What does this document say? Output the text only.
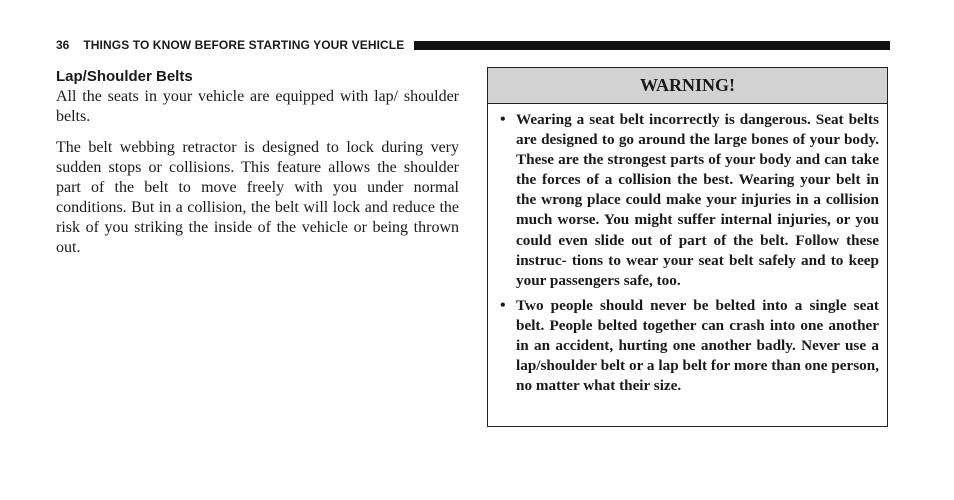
36 THINGS TO KNOW BEFORE STARTING YOUR VEHICLE
Lap/Shoulder Belts

All the seats in your vehicle are equipped with lap/ shoulder belts.

The belt webbing retractor is designed to lock during very sudden stops or collisions. This feature allows the shoulder part of the belt to move freely with you under normal conditions. But in a collision, the belt will lock and reduce the risk of you striking the inside of the vehicle or being thrown out.

WARNING!
• Wearing a seat belt incorrectly is dangerous. Seat belts are designed to go around the large bones of your body. These are the strongest parts of your body and can take the forces of a collision the best. Wearing your belt in the wrong place could make your injuries in a collision much worse. You might suffer internal injuries, or you could even slide out of part of the belt. Follow these instruc- tions to wear your seat belt safely and to keep your passengers safe, too.
• Two people should never be belted into a single seat belt. People belted together can crash into one another in an accident, hurting one another badly. Never use a lap/shoulder belt or a lap belt for more than one person, no matter what their size.
